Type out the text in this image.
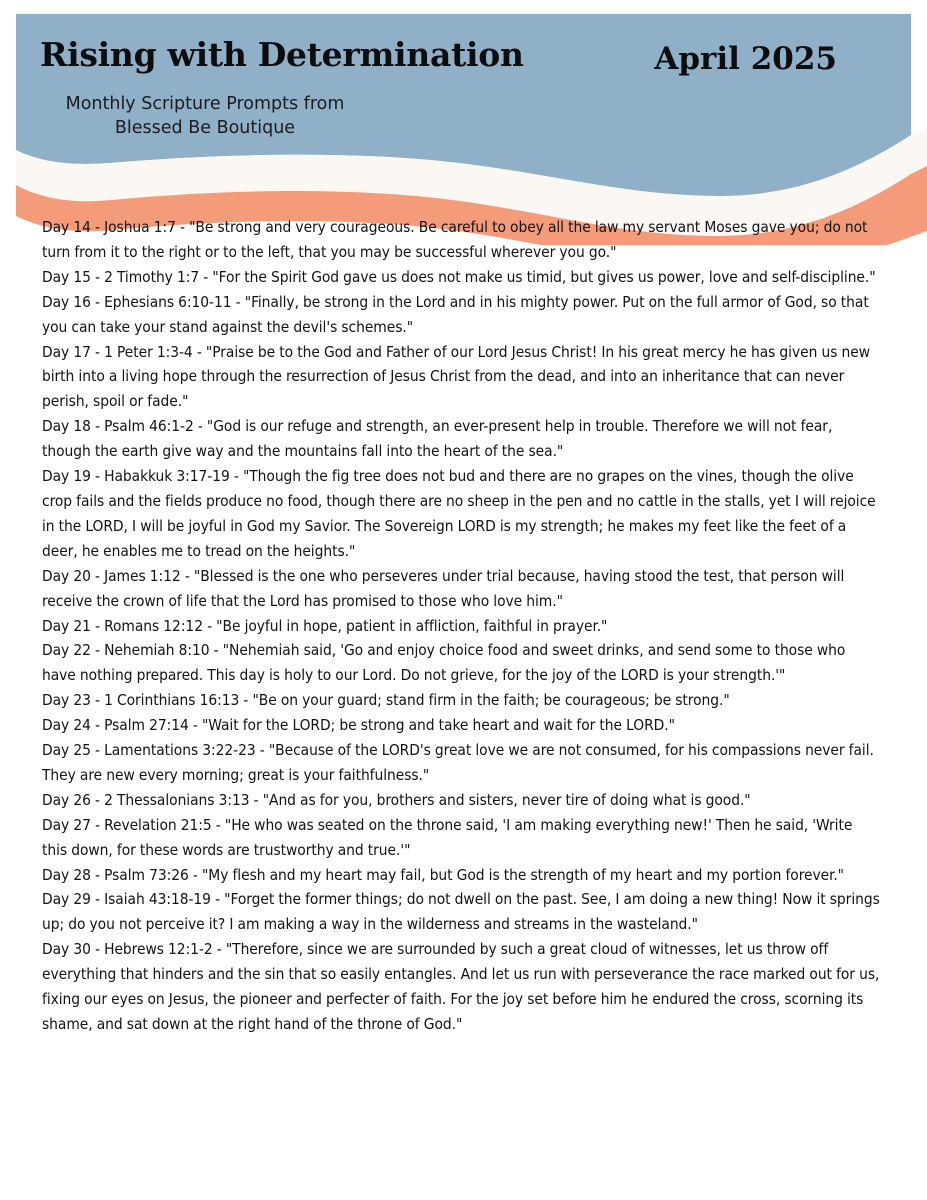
Rising with Determination	April 2025
Monthly Scripture Prompts from
Blessed Be Boutique

Day 14 - Joshua 1:7 - "Be strong and very courageous. Be careful to obey all the law my servant Moses gave you; do not turn from it to the right or to the left, that you may be successful wherever you go."

Day 15 - 2 Timothy 1:7 - "For the Spirit God gave us does not make us timid, but gives us power, love and self-discipline."

Day 16 - Ephesians 6:10-11 - "Finally, be strong in the Lord and in his mighty power. Put on the full armor of God, so that you can take your stand against the devil's schemes."

Day 17 - 1 Peter 1:3-4 - "Praise be to the God and Father of our Lord Jesus Christ! In his great mercy he has given us new birth into a living hope through the resurrection of Jesus Christ from the dead, and into an inheritance that can never perish, spoil or fade."

Day 18 - Psalm 46:1-2 - "God is our refuge and strength, an ever-present help in trouble. Therefore we will not fear, though the earth give way and the mountains fall into the heart of the sea."

Day 19 - Habakkuk 3:17-19 - "Though the fig tree does not bud and there are no grapes on the vines, though the olive crop fails and the fields produce no food, though there are no sheep in the pen and no cattle in the stalls, yet I will rejoice in the LORD, I will be joyful in God my Savior. The Sovereign LORD is my strength; he makes my feet like the feet of a deer, he enables me to tread on the heights."

Day 20 - James 1:12 - "Blessed is the one who perseveres under trial because, having stood the test, that person will receive the crown of life that the Lord has promised to those who love him."

Day 21 - Romans 12:12 - "Be joyful in hope, patient in affliction, faithful in prayer."

Day 22 - Nehemiah 8:10 - "Nehemiah said, 'Go and enjoy choice food and sweet drinks, and send some to those who have nothing prepared. This day is holy to our Lord. Do not grieve, for the joy of the LORD is your strength.'"

Day 23 - 1 Corinthians 16:13 - "Be on your guard; stand firm in the faith; be courageous; be strong."

Day 24 - Psalm 27:14 - "Wait for the LORD; be strong and take heart and wait for the LORD."

Day 25 - Lamentations 3:22-23 - "Because of the LORD's great love we are not consumed, for his compassions never fail. They are new every morning; great is your faithfulness."

Day 26 - 2 Thessalonians 3:13 - "And as for you, brothers and sisters, never tire of doing what is good."

Day 27 - Revelation 21:5 - "He who was seated on the throne said, 'I am making everything new!' Then he said, 'Write this down, for these words are trustworthy and true.'"

Day 28 - Psalm 73:26 - "My flesh and my heart may fail, but God is the strength of my heart and my portion forever."

Day 29 - Isaiah 43:18-19 - "Forget the former things; do not dwell on the past. See, I am doing a new thing! Now it springs up; do you not perceive it? I am making a way in the wilderness and streams in the wasteland."

Day 30 - Hebrews 12:1-2 - "Therefore, since we are surrounded by such a great cloud of witnesses, let us throw off everything that hinders and the sin that so easily entangles. And let us run with perseverance the race marked out for us, fixing our eyes on Jesus, the pioneer and perfecter of faith. For the joy set before him he endured the cross, scorning its shame, and sat down at the right hand of the throne of God."
